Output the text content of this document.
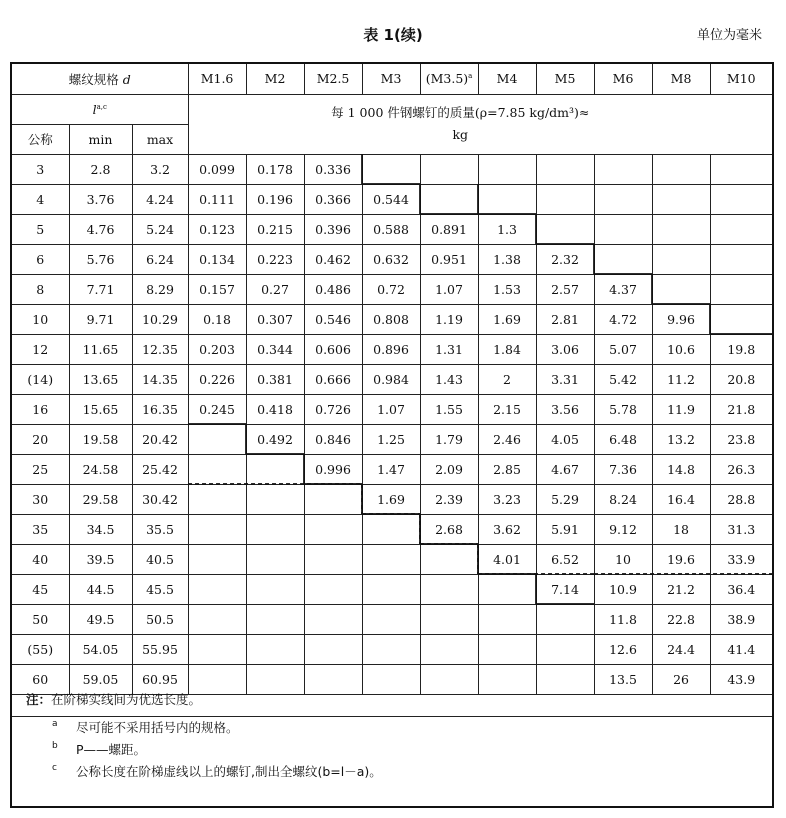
表 1(续)	单位为毫米
螺纹规格 d			M1.6	M2	M2.5	M3	$(M3.5)^a$	M4	M5	M6	M8	M10
$l^{a,c}$			每 1 000 件钢螺钉的质量(ρ=7.85 kg/dm³)≈
kg									

公称	min	max										
3	2.8	3.2	0.099	0.178	0.336							
4	3.76	4.24	0.111	0.196	0.366	0.544						
5	4.76	5.24	0.123	0.215	0.396	0.588	0.891	1.3				
6	5.76	6.24	0.134	0.223	0.462	0.632	0.951	1.38	2.32			
8	7.71	8.29	0.157	0.27	0.486	0.72	1.07	1.53	2.57	4.37		
10	9.71	10.29	0.18	0.307	0.546	0.808	1.19	1.69	2.81	4.72	9.96	
12	11.65	12.35	0.203	0.344	0.606	0.896	1.31	1.84	3.06	5.07	10.6	19.8
(14)	13.65	14.35	0.226	0.381	0.666	0.984	1.43	2	3.31	5.42	11.2	20.8
16	15.65	16.35	0.245	0.418	0.726	1.07	1.55	2.15	3.56	5.78	11.9	21.8
20	19.58	20.42		0.492	0.846	1.25	1.79	2.46	4.05	6.48	13.2	23.8
25	24.58	25.42			0.996	1.47	2.09	2.85	4.67	7.36	14.8	26.3
30	29.58	30.42				1.69	2.39	3.23	5.29	8.24	16.4	28.8
35	34.5	35.5					2.68	3.62	5.91	9.12	18	31.3
40	39.5	40.5						4.01	6.52	10	19.6	33.9
45	44.5	45.5							7.14	10.9	21.2	36.4
50	49.5	50.5								11.8	22.8	38.9
(55)	54.05	55.95								12.6	24.4	41.4
60	59.05	60.95								13.5	26	43.9
注：在阶梯实线间为优选长度。
a 尽可能不采用括号内的规格。
b P——螺距。
c 公称长度在阶梯虚线以上的螺钉,制出全螺纹(b=l－a)。
